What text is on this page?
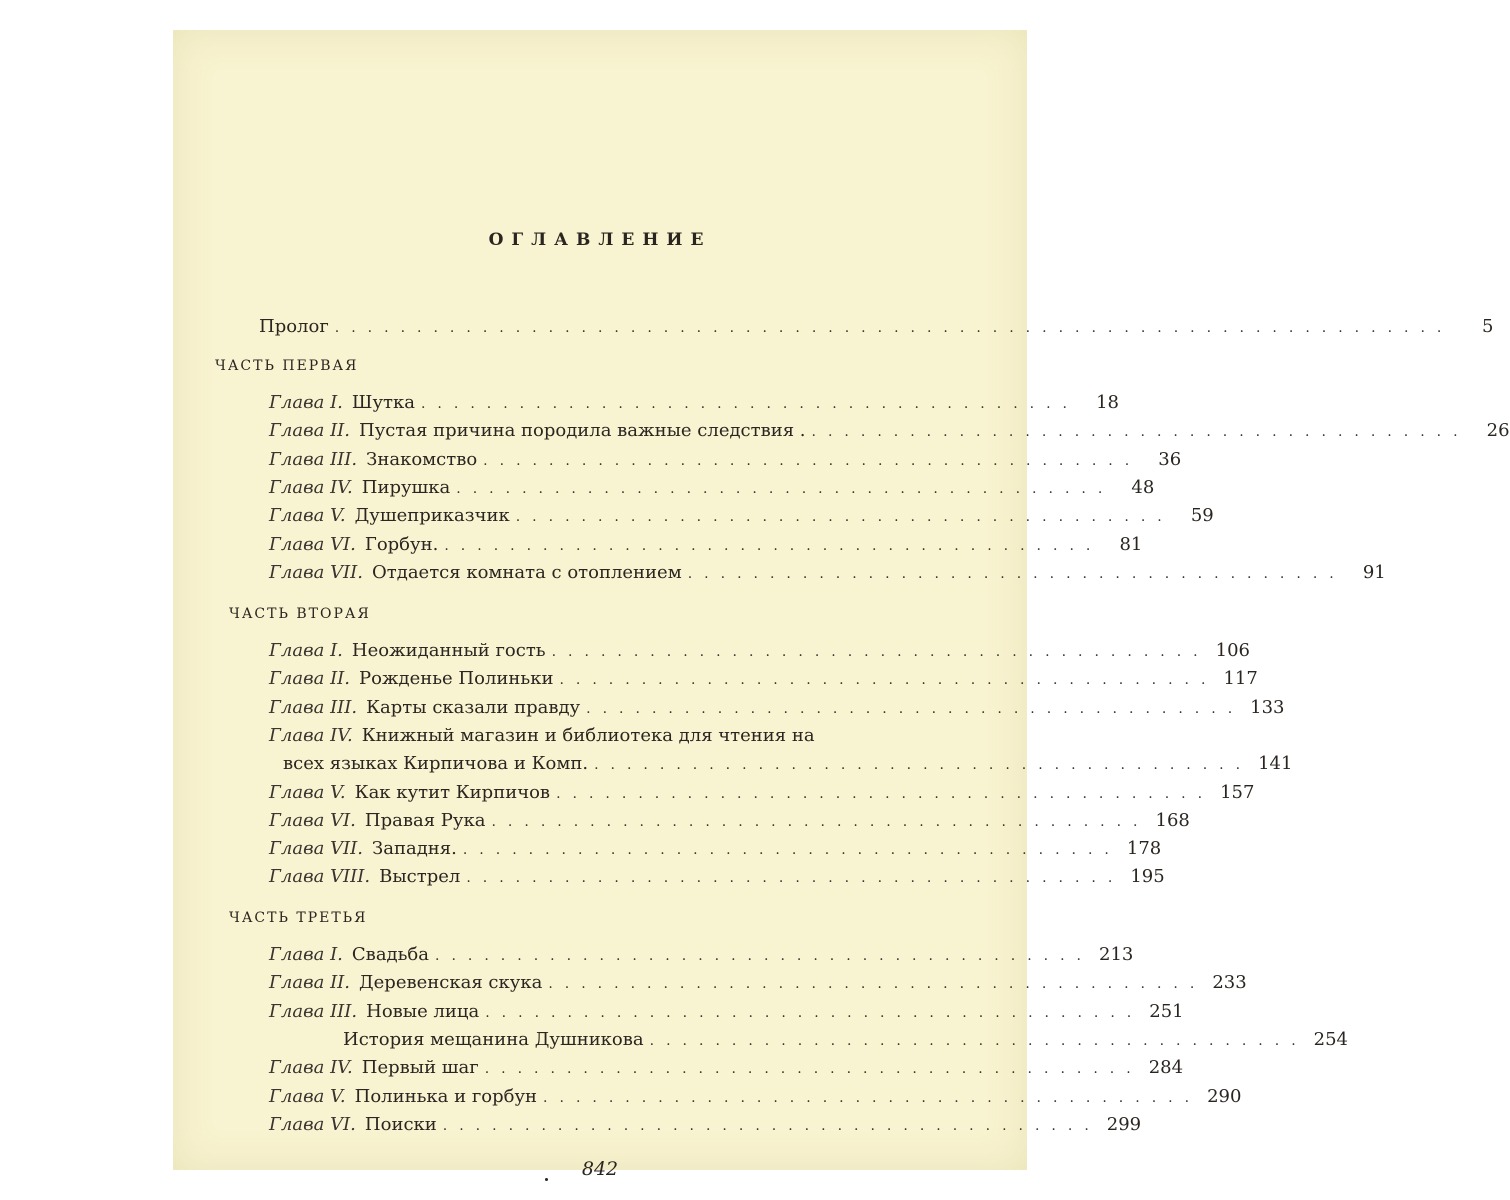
ОГЛАВЛЕНИЕ
Пролог ....................................................................	5
ЧАСТЬ ПЕРВАЯ
Глава I. Шутка ........................................ 18
Глава II. Пустая причина породила важные следствия . ........................................ 26
Глава III. Знакомство ........................................ 36
Глава IV. Пирушка ........................................ 48
Глава V. Душеприказчик ........................................ 59
Глава VI. Горбун. ........................................ 81
Глава VII. Отдается комната с отоплением ........................................ 91
ЧАСТЬ ВТОРАЯ
Глава I. Неожиданный гость ........................................ 106
Глава II. Рожденье Полиньки ........................................ 117
Глава III. Карты сказали правду ........................................ 133
Глава IV. Книжный магазин и библиотека для чтения на
всех языках Кирпичова и Комп. ........................................ 141
Глава V. Как кутит Кирпичов ........................................ 157
Глава VI. Правая Рука ........................................ 168
Глава VII. Западня. ........................................ 178
Глава VIII. Выстрел ........................................ 195
ЧАСТЬ ТРЕТЬЯ
Глава I. Свадьба ........................................ 213
Глава II. Деревенская скука ........................................ 233
Глава III. Новые лица ........................................ 251
История мещанина Душникова ........................................ 254
Глава IV. Первый шаг ........................................ 284
Глава V. Полинька и горбун ........................................ 290
Глава VI. Поиски ........................................ 299
842
